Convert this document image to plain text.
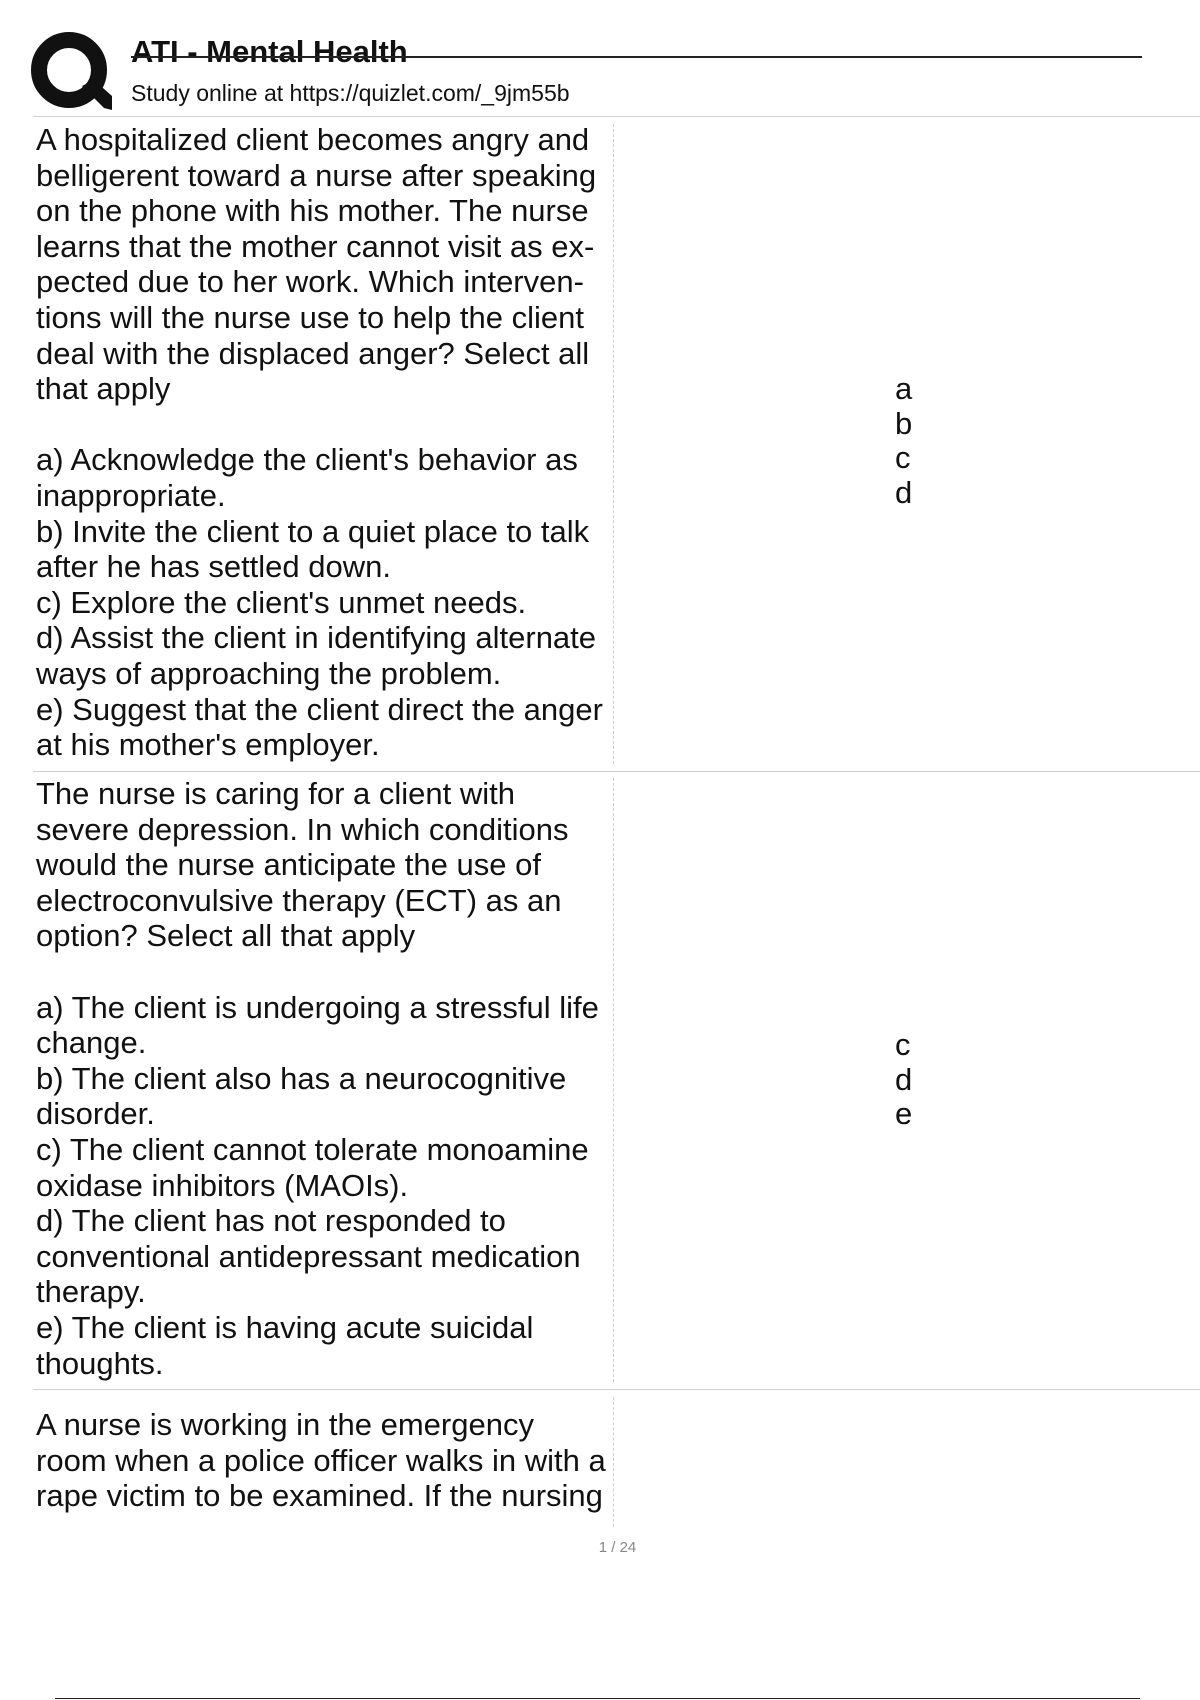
ATI - Mental Health
Study online at https://quizlet.com/_9jm55b
A hospitalized client becomes angry and
belligerent toward a nurse after speaking
on the phone with his mother. The nurse
learns that the mother cannot visit as ex-
pected due to her work. Which interven-
tions will the nurse use to help the client
deal with the displaced anger? Select all
that apply

a) Acknowledge the client's behavior as
inappropriate.
b) Invite the client to a quiet place to talk
after he has settled down.
c) Explore the client's unmet needs.
d) Assist the client in identifying alternate
ways of approaching the problem.
e) Suggest that the client direct the anger
at his mother's employer.
a
b
c
d
The nurse is caring for a client with
severe depression. In which conditions
would the nurse anticipate the use of
electroconvulsive therapy (ECT) as an
option? Select all that apply

a) The client is undergoing a stressful life
change.
b) The client also has a neurocognitive
disorder.
c) The client cannot tolerate monoamine
oxidase inhibitors (MAOIs).
d) The client has not responded to
conventional antidepressant medication
therapy.
e) The client is having acute suicidal
thoughts.
c
d
e
A nurse is working in the emergency
room when a police officer walks in with a
rape victim to be examined. If the nursing
1 / 24
